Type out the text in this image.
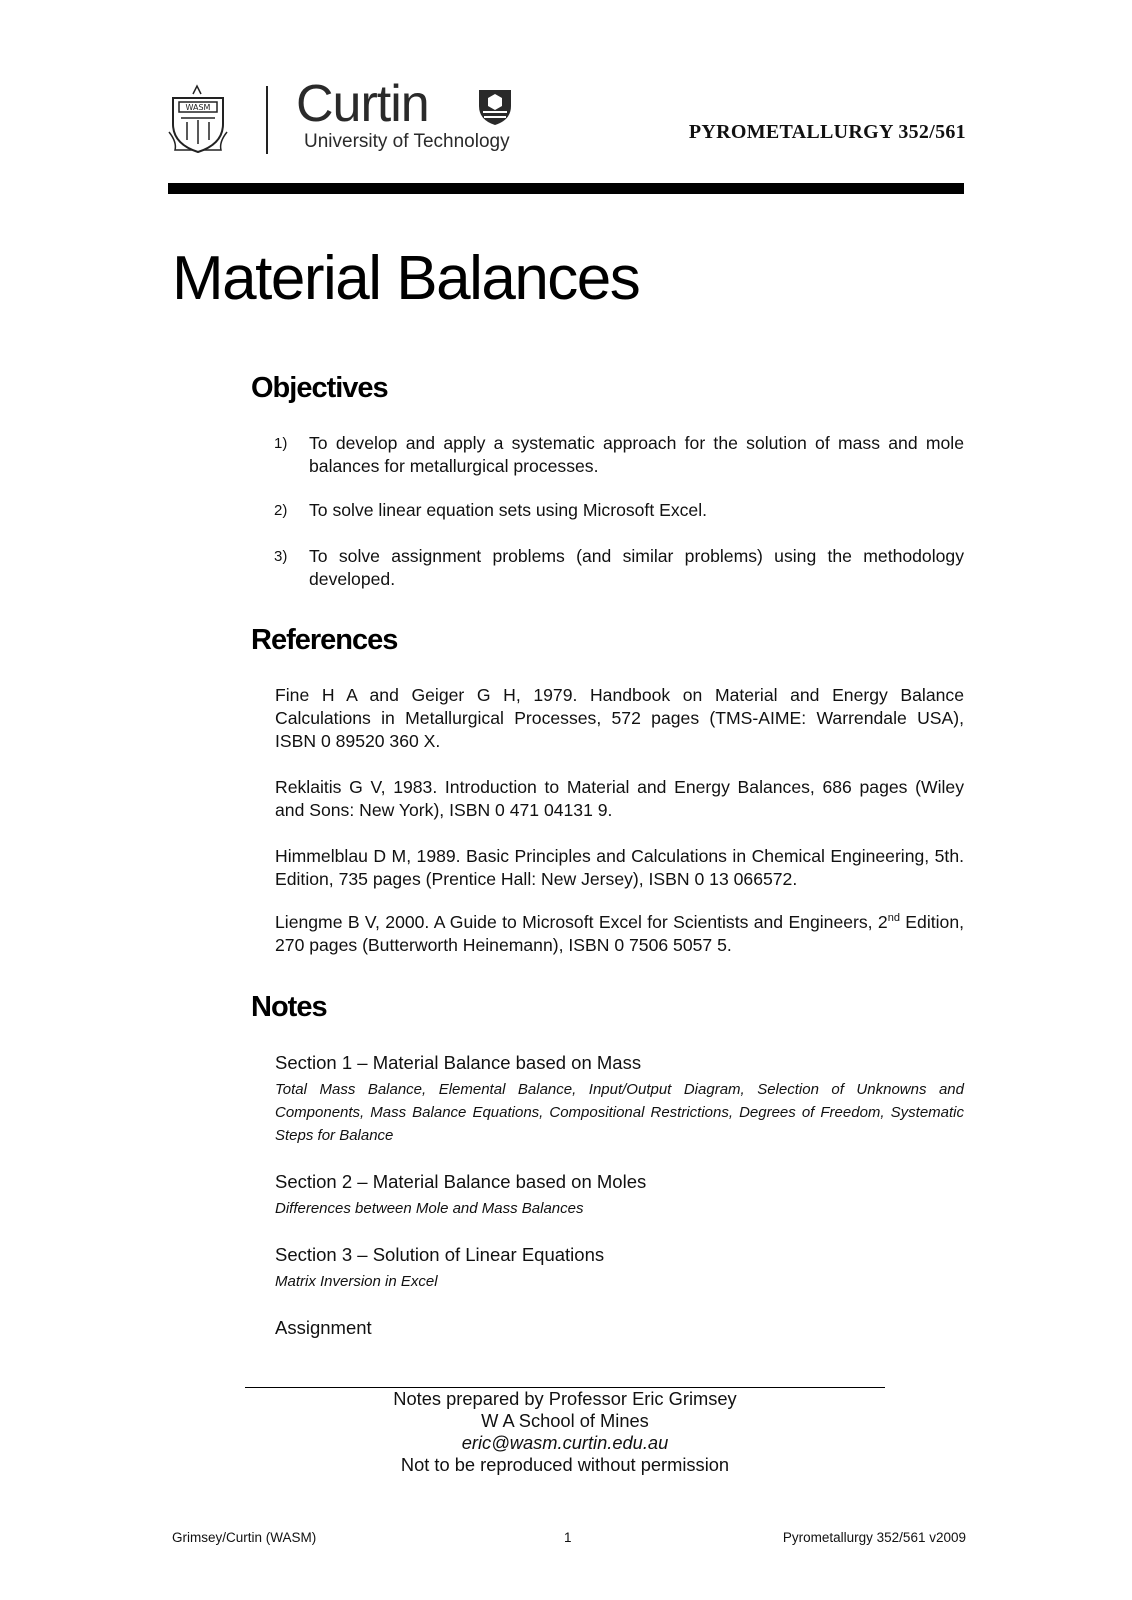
WASM Curtin
University of Technology	PYROMETALLURGY 352/561
Material Balances
Objectives
1) To develop and apply a systematic approach for the solution of mass and mole balances for metallurgical processes.
2) To solve linear equation sets using Microsoft Excel.
3) To solve assignment problems (and similar problems) using the methodology developed.
References
Fine H A and Geiger G H, 1979. Handbook on Material and Energy Balance Calculations in Metallurgical Processes, 572 pages (TMS-AIME: Warrendale USA), ISBN 0 89520 360 X.
Reklaitis G V, 1983. Introduction to Material and Energy Balances, 686 pages (Wiley and Sons: New York), ISBN 0 471 04131 9.
Himmelblau D M, 1989. Basic Principles and Calculations in Chemical Engineering, 5th. Edition, 735 pages (Prentice Hall: New Jersey), ISBN 0 13 066572.
Liengme B V, 2000. A Guide to Microsoft Excel for Scientists and Engineers, 2nd Edition, 270 pages (Butterworth Heinemann), ISBN 0 7506 5057 5.
Notes
Section 1 – Material Balance based on Mass
Total Mass Balance, Elemental Balance, Input/Output Diagram, Selection of Unknowns and Components, Mass Balance Equations, Compositional Restrictions, Degrees of Freedom, Systematic Steps for Balance
Section 2 – Material Balance based on Moles
Differences between Mole and Mass Balances
Section 3 – Solution of Linear Equations
Matrix Inversion in Excel
Assignment
Notes prepared by Professor Eric Grimsey
W A School of Mines
eric@wasm.curtin.edu.au
Not to be reproduced without permission
Grimsey/Curtin (WASM)	1	Pyrometallurgy 352/561 v2009
